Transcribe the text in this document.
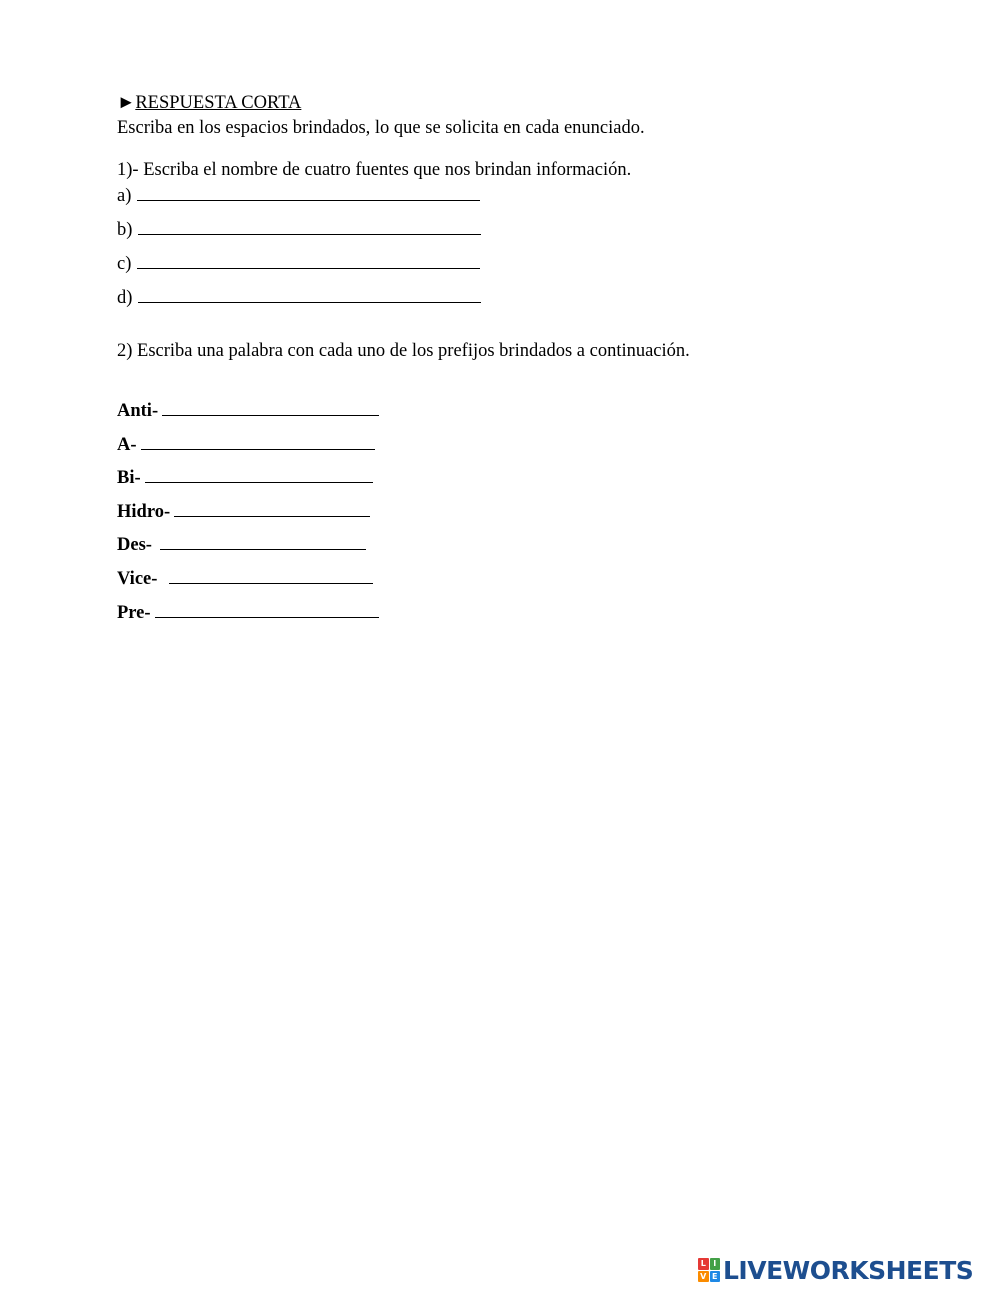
►RESPUESTA CORTA
Escriba en los espacios brindados, lo que se solicita en cada enunciado.
1)- Escriba el nombre de cuatro fuentes que nos brindan información.
a)
b)
c)
d)
2) Escriba una palabra con cada uno de los prefijos brindados a continuación.
Anti-
A-
Bi-
Hidro-
Des-
Vice-
Pre-
L I
V E LIVEWORKSHEETS
